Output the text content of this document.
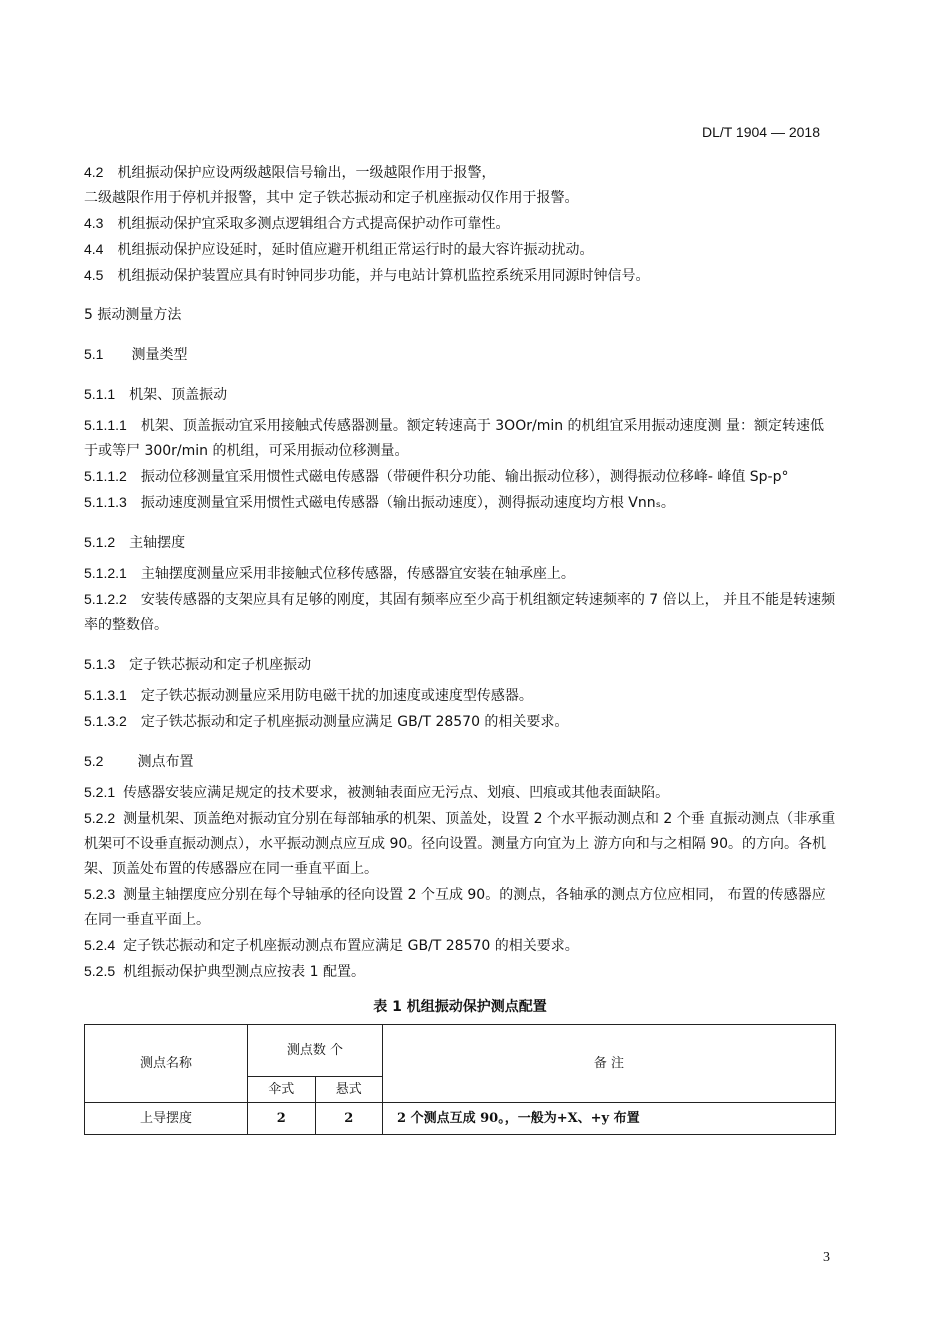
DL/T 1904 — 2018

4.2 机组振动保护应设两级越限信号输出，一级越限作用于报警，

二级越限作用于停机并报警，其中 定子铁芯振动和定子机座振动仅作用于报警。

4.3 机组振动保护宜采取多测点逻辑组合方式提高保护动作可靠性。

4.4 机组振动保护应设延时，延时值应避开机组正常运行时的最大容许振动扰动。

4.5 机组振动保护装置应具有时钟同步功能，并与电站计算机监控系统采用同源时钟信号。

5 振动测量方法

5.1 测量类型

5.1.1 机架、顶盖振动

5.1.1.1 机架、顶盖振动宜采用接触式传感器测量。额定转速高于 3OOr/min 的机组宜采用振动速度测 量：额定转速低于或等尸 300r/min 的机组，可采用振动位移测量。

5.1.1.2 振动位移测量宜采用惯性式磁电传感器（带硬件积分功能、输出振动位移），测得振动位移峰- 峰值 Sp-p°

5.1.1.3 振动速度测量宜采用惯性式磁电传感器（输出振动速度），测得振动速度均方根 Vnnₛ。

5.1.2 主轴摆度

5.1.2.1 主轴摆度测量应采用非接触式位移传感器，传感器宜安装在轴承座上。

5.1.2.2 安装传感器的支架应具有足够的刚度，其固有频率应至少高于机组额定转速频率的 7 倍以上， 并且不能是转速频率的整数倍。

5.1.3 定子铁芯振动和定子机座振动

5.1.3.1 定子铁芯振动测量应采用防电磁干扰的加速度或速度型传感器。

5.1.3.2 定子铁芯振动和定子机座振动测量应满足 GB/T 28570 的相关要求。

5.2 测点布置

5.2.1 传感器安装应满足规定的技术要求，被测轴表面应无污点、划痕、凹痕或其他表面缺陷。

5.2.2 测量机架、顶盖绝对振动宜分别在每部轴承的机架、顶盖处，设置 2 个水平振动测点和 2 个垂 直振动测点（非承重机架可不设垂直振动测点），水平振动测点应互成 90。径向设置。测量方向宜为上 游方向和与之相隔 90。的方向。各机架、顶盖处布置的传感器应在同一垂直平面上。

5.2.3 测量主轴摆度应分别在每个导轴承的径向设置 2 个互成 90。的测点，各轴承的测点方位应相同， 布置的传感器应在同一垂直平面上。

5.2.4 定子铁芯振动和定子机座振动测点布置应满足 GB/T 28570 的相关要求。

5.2.5 机组振动保护典型测点应按表 1 配置。

表 1 机组振动保护测点配置
测点名称	测点数 个		备 注
	伞式	悬式	
上导摆度	2	2	2 个测点互成 90。，一般为+X、+y 布置
3
